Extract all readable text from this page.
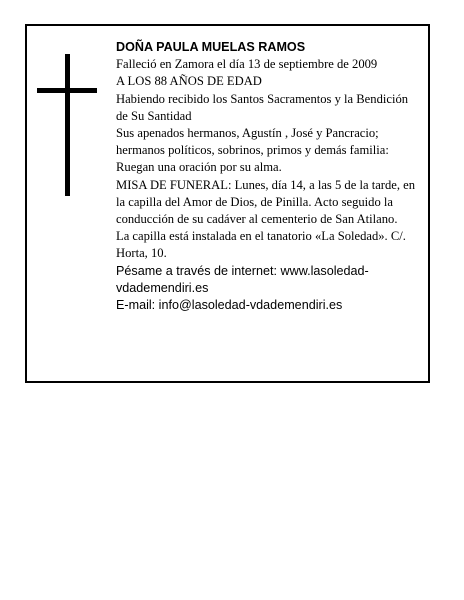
DOÑA PAULA MUELAS RAMOS

Falleció en Zamora el día 13 de septiembre de 2009

A LOS 88 AÑOS DE EDAD

Habiendo recibido los Santos Sacramentos y la Bendición de Su Santidad

Sus apenados hermanos, Agustín , José y Pancracio; hermanos políticos, sobrinos, primos y demás familia:

Ruegan una oración por su alma.

MISA DE FUNERAL: Lunes, día 14, a las 5 de la tarde, en la capilla del Amor de Dios, de Pinilla. Acto seguido la conducción de su cadáver al cementerio de San Atilano.

La capilla está instalada en el tanatorio «La Soledad». C/. Horta, 10.

Pésame a través de internet: www.lasoledad-vdademendiri.es

E-mail: info@lasoledad-vdademendiri.es
